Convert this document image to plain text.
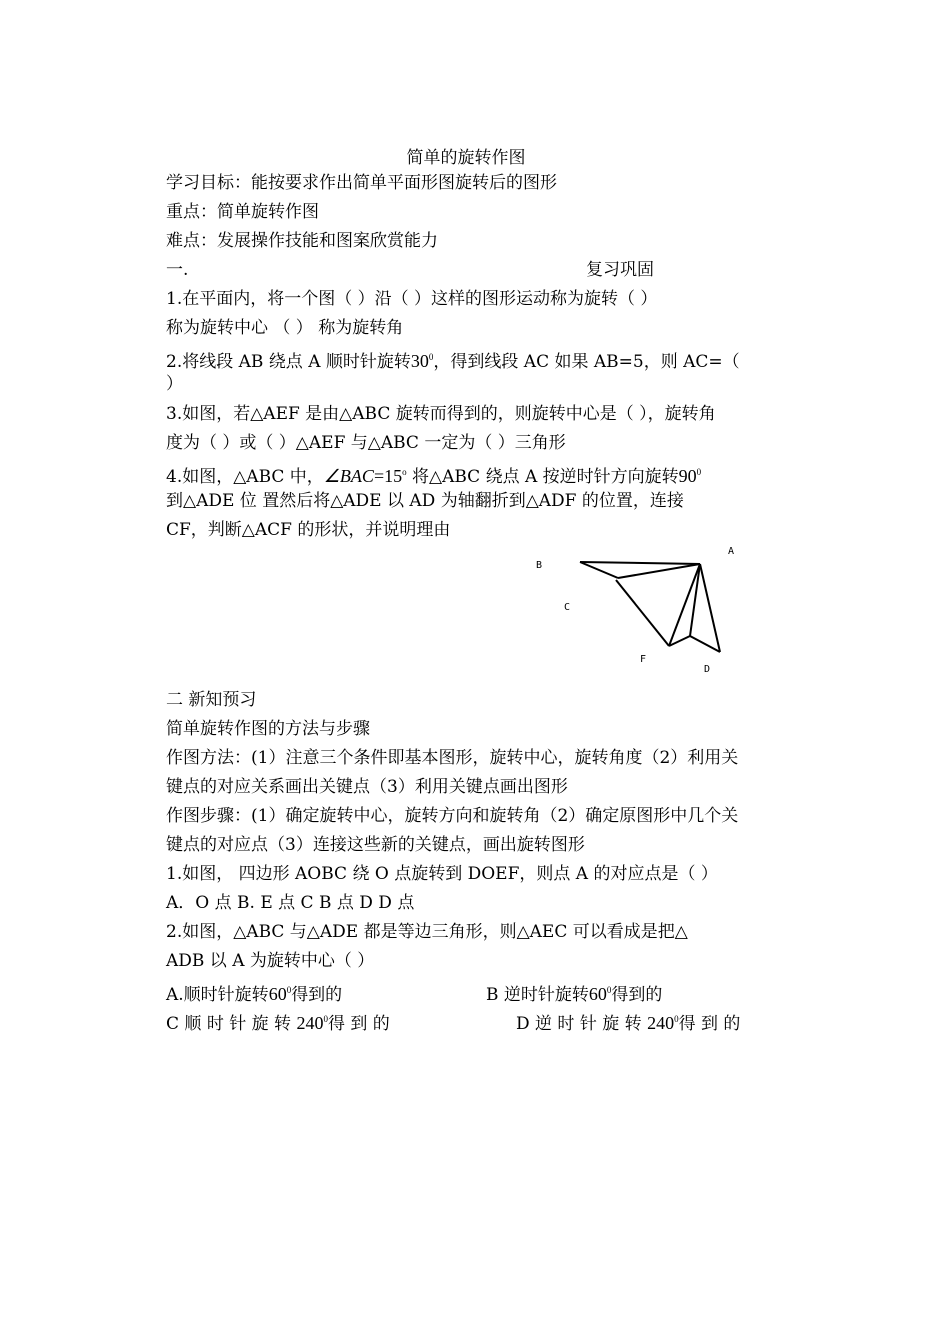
简单的旋转作图
学习目标：能按要求作出简单平面形图旋转后的图形
重点：简单旋转作图
难点：发展操作技能和图案欣赏能力
一.	复习巩固
1.在平面内，将一个图（ ）沿（ ）这样的图形运动称为旋转（ ）
称为旋转中心 （ ） 称为旋转角
2.将线段 AB 绕点 A 顺时针旋转$30^0$，得到线段 AC 如果 AB=5，则 AC=（
）
3.如图，若△AEF 是由△ABC 旋转而得到的，则旋转中心是（ ），旋转角
度为（ ）或（ ）△AEF 与△ABC 一定为（ ）三角形
4.如图，△ABC 中，$\angle BAC=15^o$ 将△ABC 绕点 A 按逆时针方向旋转$90^0$
到△ADE 位 置然后将△ADE 以 AD 为轴翻折到△ADF 的位置，连接
CF，判断△ACF 的形状，并说明理由
A
B
C
F
D
二 新知预习
简单旋转作图的方法与步骤
作图方法：(1）注意三个条件即基本图形，旋转中心，旋转角度（2）利用关
键点的对应关系画出关键点（3）利用关键点画出图形
作图步骤：(1）确定旋转中心，旋转方向和旋转角（2）确定原图形中几个关
键点的对应点（3）连接这些新的关键点，画出旋转图形
1.如图， 四边形 AOBC 绕 O 点旋转到 DOEF，则点 A 的对应点是（ ）
A．O 点 B. E 点 C B 点 D D 点
2.如图，△ABC 与△ADE 都是等边三角形，则△AEC 可以看成是把△
ADB 以 A 为旋转中心（ ）
A.顺时针旋转$60^0$得到的	B 逆时针旋转$60^0$得到的
C 顺 时 针 旋 转 $240^0$得 到 的	D 逆 时 针 旋 转 $240^0$得 到 的
